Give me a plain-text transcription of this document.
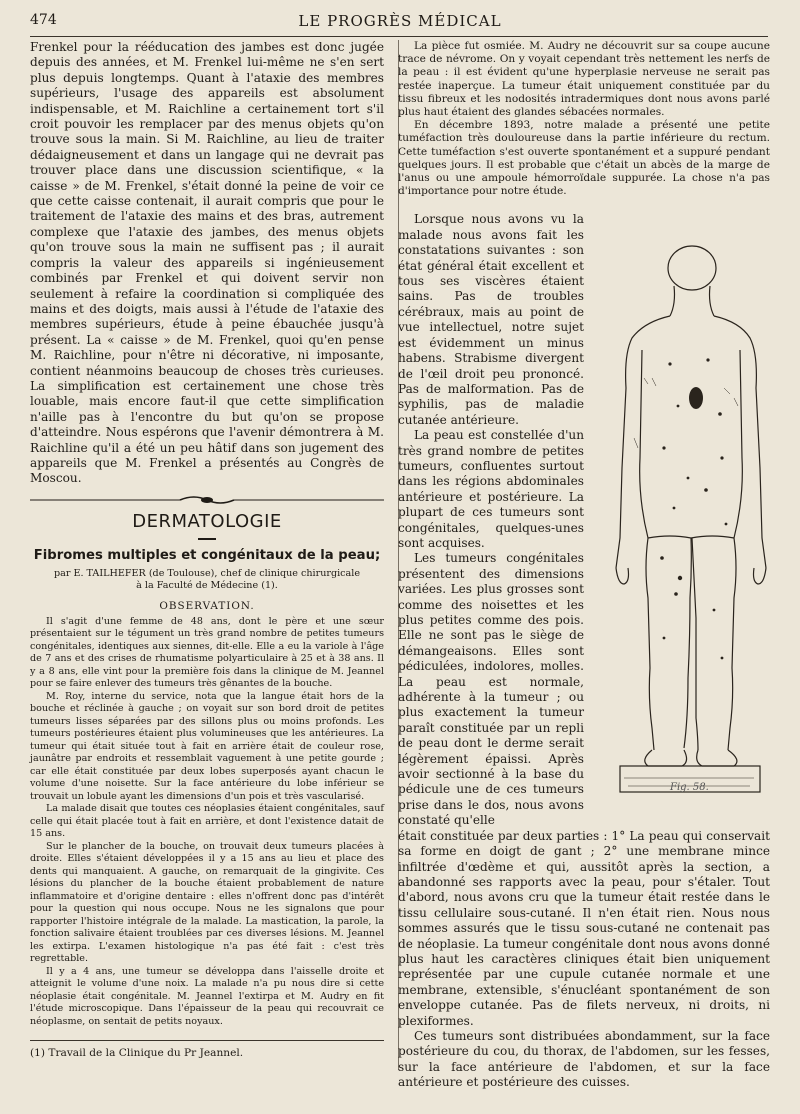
474	LE PROGRÈS MÉDICAL

Frenkel pour la rééducation des jambes est donc jugée depuis des années, et M. Frenkel lui-même ne s'en sert plus depuis longtemps. Quant à l'ataxie des membres supérieurs, l'usage des appareils est absolument indispensable, et M. Raichline a certainement tort s'il croit pouvoir les remplacer par des menus objets qu'on trouve sous la main. Si M. Raichline, au lieu de traiter dédaigneusement et dans un langage qui ne devrait pas trouver place dans une discussion scientifique, « la caisse » de M. Frenkel, s'était donné la peine de voir ce que cette caisse contenait, il aurait compris que pour le traitement de l'ataxie des mains et des bras, autrement complexe que l'ataxie des jambes, des menus objets qu'on trouve sous la main ne suffisent pas ; il aurait compris la valeur des appareils si ingénieusement combinés par Frenkel et qui doivent servir non seulement à refaire la coordination si compliquée des mains et des doigts, mais aussi à l'étude de l'ataxie des membres supérieurs, étude à peine ébauchée jusqu'à présent. La « caisse » de M. Frenkel, quoi qu'en pense M. Raichline, pour n'être ni décorative, ni imposante, contient néanmoins beaucoup de choses très curieuses. La simplification est certainement une chose très louable, mais encore faut-il que cette simplification n'aille pas à l'encontre du but qu'on se propose d'atteindre. Nous espérons que l'avenir démontrera à M. Raichline qu'il a été un peu hâtif dans son jugement des appareils que M. Frenkel a présentés au Congrès de Moscou.

DERMATOLOGIE
Fibromes multiples et congénitaux de la peau;

par E. TAILHEFER (de Toulouse), chef de clinique chirurgicale

à la Faculté de Médecine (1).

OBSERVATION.

Il s'agit d'une femme de 48 ans, dont le père et une sœur présentaient sur le tégument un très grand nombre de petites tumeurs congénitales, identiques aux siennes, dit-elle. Elle a eu la variole à l'âge de 7 ans et des crises de rhumatisme polyarticulaire à 25 et à 38 ans. Il y a 8 ans, elle vint pour la première fois dans la clinique de M. Jeannel pour se faire enlever des tumeurs très gênantes de la bouche.

M. Roy, interne du service, nota que la langue était hors de la bouche et réclinée à gauche ; on voyait sur son bord droit de petites tumeurs lisses séparées par des sillons plus ou moins profonds. Les tumeurs postérieures étaient plus volumineuses que les antérieures. La tumeur qui était située tout à fait en arrière était de couleur rose, jaunâtre par endroits et ressemblait vaguement à une petite gourde ; car elle était constituée par deux lobes superposés ayant chacun le volume d'une noisette. Sur la face antérieure du lobe inférieur se trouvait un lobule ayant les dimensions d'un pois et très vascularisé.

La malade disait que toutes ces néoplasies étaient congénitales, sauf celle qui était placée tout à fait en arrière, et dont l'existence datait de 15 ans.

Sur le plancher de la bouche, on trouvait deux tumeurs placées à droite. Elles s'étaient développées il y a 15 ans au lieu et place des dents qui manquaient. A gauche, on remarquait de la gingivite. Ces lésions du plancher de la bouche étaient probablement de nature inflammatoire et d'origine dentaire : elles n'offrent donc pas d'intérêt pour la question qui nous occupe. Nous ne les signalons que pour rapporter l'histoire intégrale de la malade. La mastication, la parole, la fonction salivaire étaient troublées par ces diverses lésions. M. Jeannel les extirpa. L'examen histologique n'a pas été fait : c'est très regrettable.

Il y a 4 ans, une tumeur se développa dans l'aisselle droite et atteignit le volume d'une noix. La malade n'a pu nous dire si cette néoplasie était congénitale. M. Jeannel l'extirpa et M. Audry en fit l'étude microscopique. Dans l'épaisseur de la peau qui recouvrait ce néoplasme, on sentait de petits noyaux.

(1) Travail de la Clinique du Pr Jeannel.

La pièce fut osmiée. M. Audry ne découvrit sur sa coupe aucune trace de névrome. On y voyait cependant très nettement les nerfs de la peau : il est évident qu'une hyperplasie nerveuse ne serait pas restée inaperçue. La tumeur était uniquement constituée par du tissu fibreux et les nodosités intradermiques dont nous avons parlé plus haut étaient des glandes sébacées normales.

En décembre 1893, notre malade a présenté une petite tuméfaction très douloureuse dans la partie inférieure du rectum. Cette tuméfaction s'est ouverte spontanément et a suppuré pendant quelques jours. Il est probable que c'était un abcès de la marge de l'anus ou une ampoule hémorroïdale suppurée. La chose n'a pas d'importance pour notre étude.

Lorsque nous avons vu la malade nous avons fait les constatations suivantes : son état général était excellent et tous ses viscères étaient sains. Pas de troubles cérébraux, mais au point de vue intellectuel, notre sujet est évidemment un minus habens. Strabisme divergent de l'œil droit peu prononcé. Pas de malformation. Pas de syphilis, pas de maladie cutanée antérieure.

La peau est constellée d'un très grand nombre de petites tumeurs, confluentes surtout dans les régions abdominales antérieure et postérieure. La plupart de ces tumeurs sont congénitales, quelques-unes sont acquises.

Les tumeurs congénitales présentent des dimensions variées. Les plus grosses sont comme des noisettes et les plus petites comme des pois. Elle ne sont pas le siège de démangeaisons. Elles sont pédiculées, indolores, molles. La peau est normale, adhérente à la tumeur ; ou plus exactement la tumeur paraît constituée par un repli de peau dont le derme serait légèrement épaissi. Après avoir sectionné à la base du pédicule une de ces tumeurs prise dans le dos, nous avons constaté qu'elle

était constituée par deux parties : 1° La peau qui conservait sa forme en doigt de gant ; 2° une membrane mince infiltrée d'œdème et qui, aussitôt après la section, a abandonné ses rapports avec la peau, pour s'étaler. Tout d'abord, nous avons cru que la tumeur était restée dans le tissu cellulaire sous-cutané. Il n'en était rien. Nous nous sommes assurés que le tissu sous-cutané ne contenait pas de néoplasie. La tumeur congénitale dont nous avons donné plus haut les caractères cliniques était bien uniquement représentée par une cupule cutanée normale et une membrane, extensible, s'énucléant spontanément de son enveloppe cutanée. Pas de filets nerveux, ni droits, ni plexiformes.

Ces tumeurs sont distribuées abondamment, sur la face postérieure du cou, du thorax, de l'abdomen, sur les fesses, sur la face antérieure de l'abdomen, et sur la face antérieure et postérieure des cuisses.

Fig. 58.
